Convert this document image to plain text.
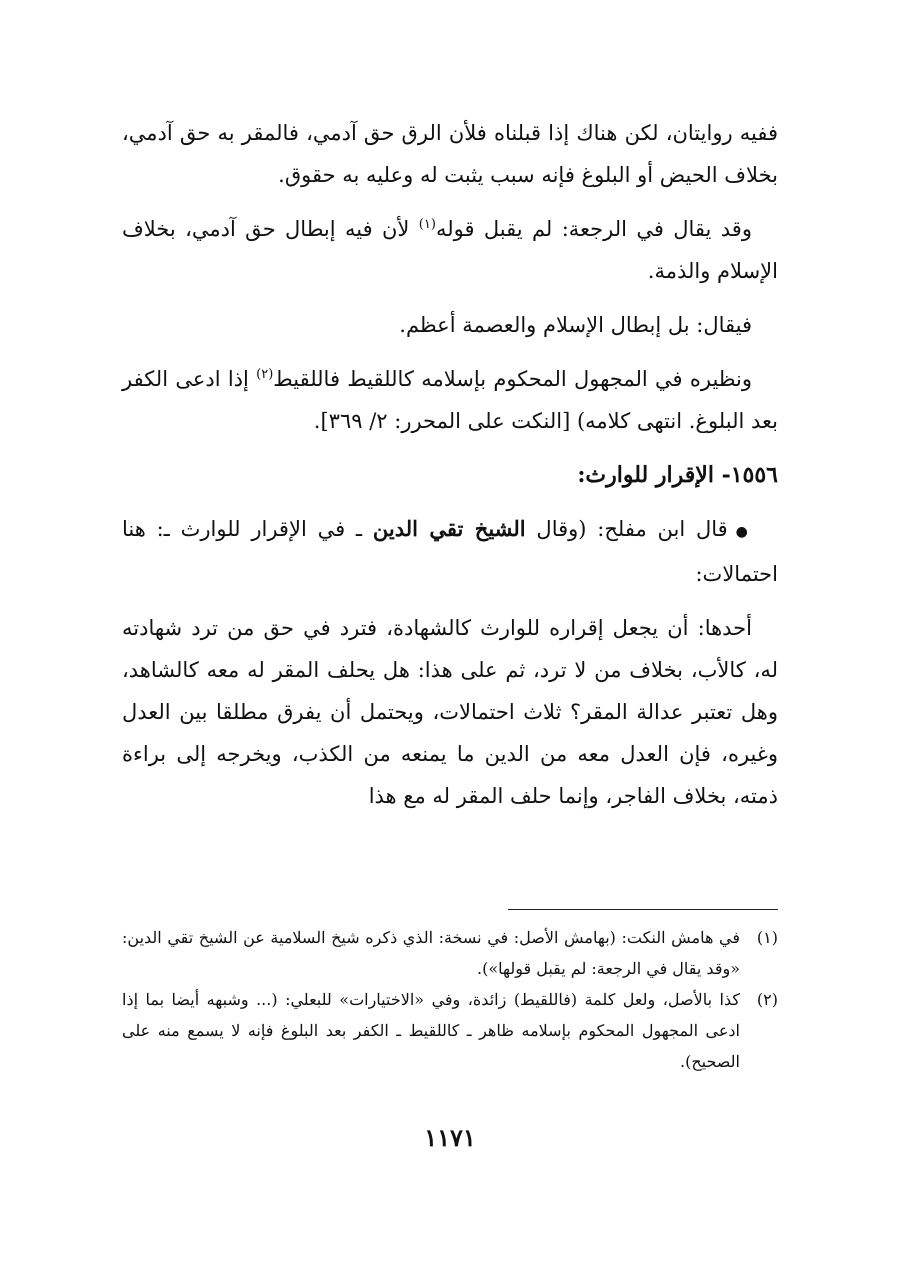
ففيه روايتان، لكن هناك إذا قبلناه فلأن الرق حق آدمي، فالمقر به حق آدمي، بخلاف الحيض أو البلوغ فإنه سبب يثبت له وعليه به حقوق.

وقد يقال في الرجعة: لم يقبل قوله$^{(١)}$ لأن فيه إبطال حق آدمي، بخلاف الإسلام والذمة.

فيقال: بل إبطال الإسلام والعصمة أعظم.

ونظيره في المجهول المحكوم بإسلامه كاللقيط فاللقيط$^{(٢)}$ إذا ادعى الكفر بعد البلوغ. انتهى كلامه) [النكت على المحرر: ٢/ ٣٦٩].

١٥٥٦- الإقرار للوارث:

●قال ابن مفلح: (وقال الشيخ تقي الدين ـ في الإقرار للوارث ـ: هنا احتمالات:

أحدها: أن يجعل إقراره للوارث كالشهادة، فترد في حق من ترد شهادته له، كالأب، بخلاف من لا ترد، ثم على هذا: هل يحلف المقر له معه كالشاهد، وهل تعتبر عدالة المقر؟ ثلاث احتمالات، ويحتمل أن يفرق مطلقا بين العدل وغيره، فإن العدل معه من الدين ما يمنعه من الكذب، ويخرجه إلى براءة ذمته، بخلاف الفاجر، وإنما حلف المقر له مع هذا

(١)
في هامش النكت: (بهامش الأصل: في نسخة: الذي ذكره شيخ السلامية عن الشيخ تقي الدين: «وقد يقال في الرجعة: لم يقبل قولها»).
(٢)
كذا بالأصل، ولعل كلمة (فاللقيط) زائدة، وفي «الاختيارات» للبعلي: (... وشبهه أيضا بما إذا ادعى المجهول المحكوم بإسلامه ظاهر ـ كاللقيط ـ الكفر بعد البلوغ فإنه لا يسمع منه على الصحيح).
١١٧١
